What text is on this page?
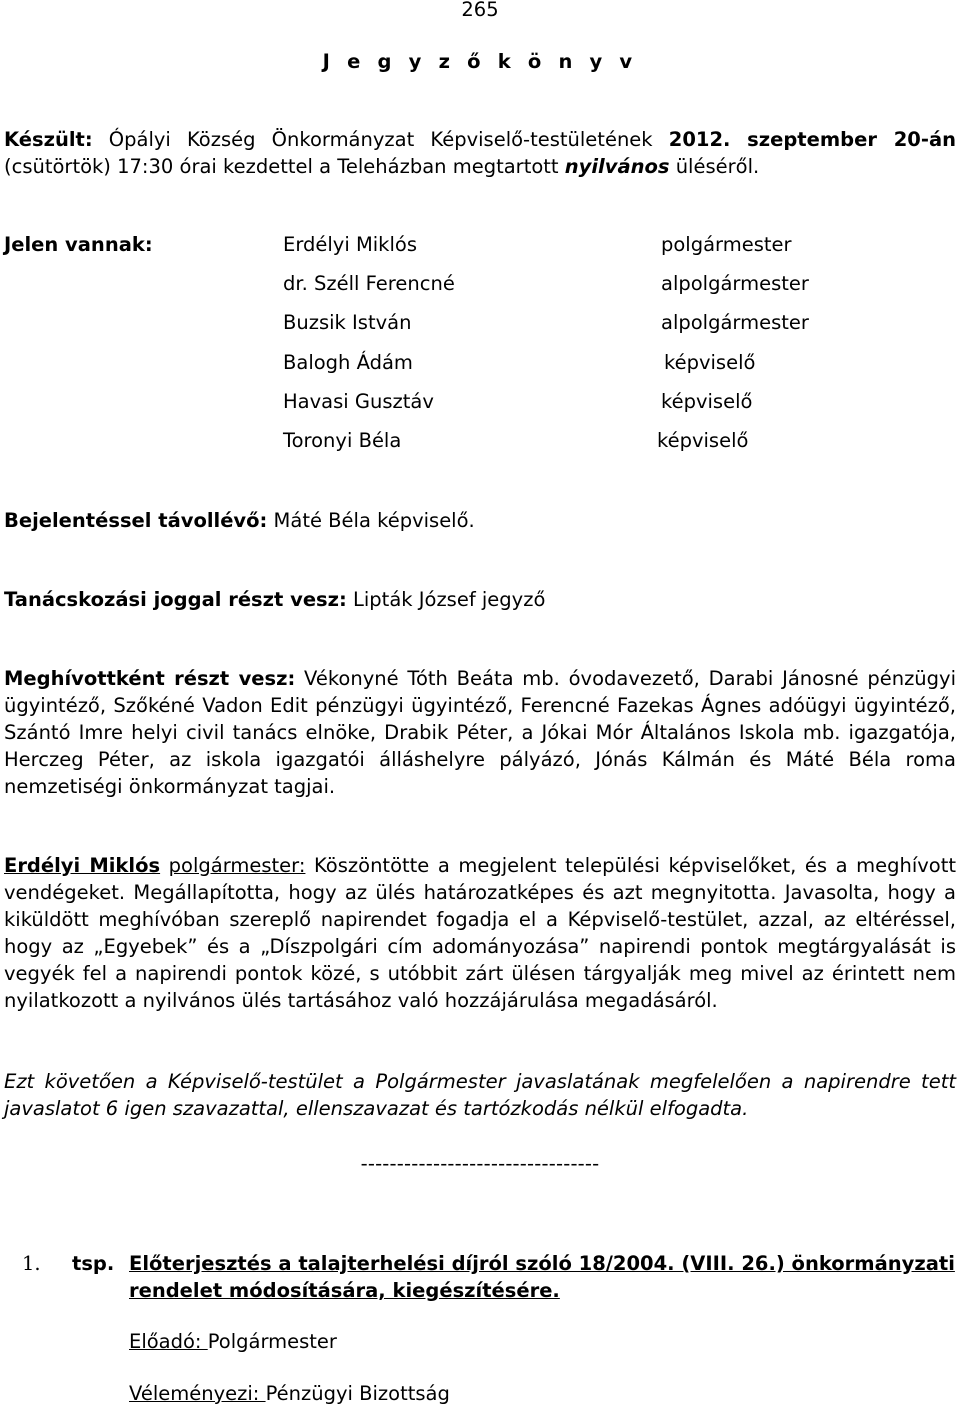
265
J e g y z ő k ö n y v
Készült: Ópályi Község Önkormányzat Képviselő-testületének 2012. szeptember 20-án (csütörtök) 17:30 órai kezdettel a Teleházban megtartott nyilvános üléséről.
Jelen vannak:	Erdélyi Miklós	polgármester
dr. Széll Ferencné	alpolgármester
Buzsik István	alpolgármester
Balogh Ádám	képviselő
Havasi Gusztáv	képviselő
Toronyi Béla	képviselő
Bejelentéssel távollévő: Máté Béla képviselő.
Tanácskozási joggal részt vesz: Lipták József jegyző
Meghívottként részt vesz: Vékonyné Tóth Beáta mb. óvodavezető, Darabi Jánosné pénzügyi ügyintéző, Szőkéné Vadon Edit pénzügyi ügyintéző, Ferencné Fazekas Ágnes adóügyi ügyintéző, Szántó Imre helyi civil tanács elnöke, Drabik Péter, a Jókai Mór Általános Iskola mb. igazgatója, Herczeg Péter, az iskola igazgatói álláshelyre pályázó, Jónás Kálmán és Máté Béla roma nemzetiségi önkormányzat tagjai.
Erdélyi Miklós polgármester: Köszöntötte a megjelent települési képviselőket, és a meghívott vendégeket. Megállapította, hogy az ülés határozatképes és azt megnyitotta. Javasolta, hogy a kiküldött meghívóban szereplő napirendet fogadja el a Képviselő-testület, azzal, az eltéréssel, hogy az „Egyebek” és a „Díszpolgári cím adományozása” napirendi pontok megtárgyalását is vegyék fel a napirendi pontok közé, s utóbbit zárt ülésen tárgyalják meg mivel az érintett nem nyilatkozott a nyilvános ülés tartásához való hozzájárulása megadásáról.
Ezt követően a Képviselő-testület a Polgármester javaslatának megfelelően a napirendre tett javaslatot 6 igen szavazattal, ellenszavazat és tartózkodás nélkül elfogadta.
---------------------------------
1. tsp. Előterjesztés a talajterhelési díjról szóló 18/2004. (VIII. 26.) önkormányzati rendelet módosítására, kiegészítésére.
Előadó: Polgármester
Véleményezi: Pénzügyi Bizottság
